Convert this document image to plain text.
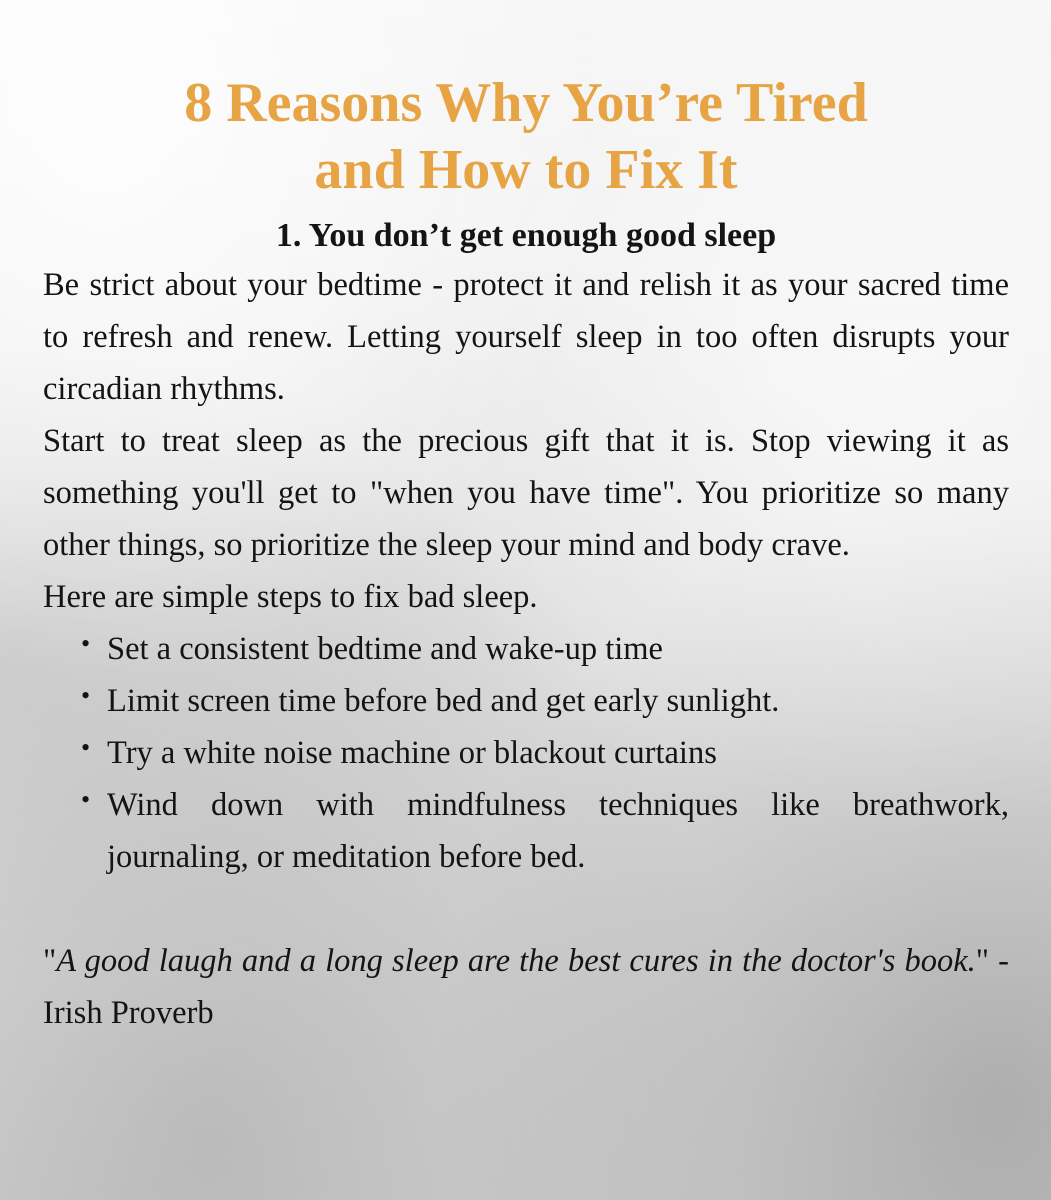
8 Reasons Why You’re Tired
and How to Fix It
1. You don’t get enough good sleep

Be strict about your bedtime - protect it and relish it as your sacred time to refresh and renew. Letting yourself sleep in too often disrupts your circadian rhythms.

Start to treat sleep as the precious gift that it is. Stop viewing it as something you'll get to "when you have time". You prioritize so many other things, so prioritize the sleep your mind and body crave.

Here are simple steps to fix bad sleep.

• Set a consistent bedtime and wake-up time
• Limit screen time before bed and get early sunlight.
• Try a white noise machine or blackout curtains
• Wind down with mindfulness techniques like breathwork, journaling, or meditation before bed.

"A good laugh and a long sleep are the best cures in the doctor's book." - Irish Proverb
